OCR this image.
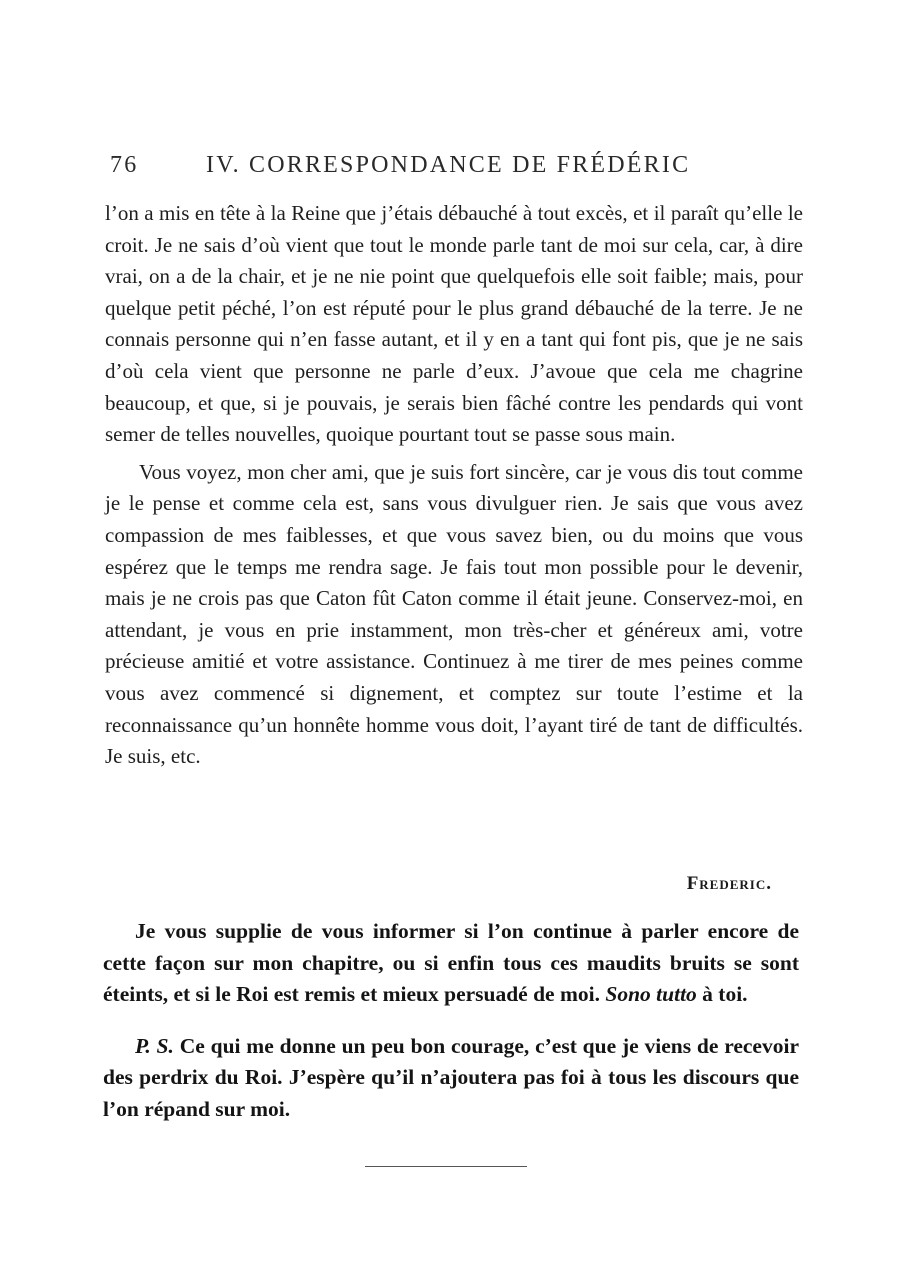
76	IV. CORRESPONDANCE DE FRÉDÉRIC

l’on a mis en tête à la Reine que j’étais débauché à tout excès, et il paraît qu’elle le croit. Je ne sais d’où vient que tout le monde parle tant de moi sur cela, car, à dire vrai, on a de la chair, et je ne nie point que quelquefois elle soit faible; mais, pour quelque petit péché, l’on est réputé pour le plus grand débauché de la terre. Je ne connais personne qui n’en fasse autant, et il y en a tant qui font pis, que je ne sais d’où cela vient que personne ne parle d’eux. J’avoue que cela me chagrine beaucoup, et que, si je pouvais, je serais bien fâché contre les pendards qui vont semer de telles nouvelles, quoique pourtant tout se passe sous main.

Vous voyez, mon cher ami, que je suis fort sincère, car je vous dis tout comme je le pense et comme cela est, sans vous divulguer rien. Je sais que vous avez compassion de mes faiblesses, et que vous savez bien, ou du moins que vous espérez que le temps me rendra sage. Je fais tout mon possible pour le devenir, mais je ne crois pas que Caton fût Caton comme il était jeune. Conservez-moi, en attendant, je vous en prie instamment, mon très-cher et généreux ami, votre précieuse amitié et votre assistance. Continuez à me tirer de mes peines comme vous avez commencé si dignement, et comptez sur toute l’estime et la reconnaissance qu’un honnête homme vous doit, l’ayant tiré de tant de difficultés. Je suis, etc.

Frederic.

Je vous supplie de vous informer si l’on continue à parler encore de cette façon sur mon chapitre, ou si enfin tous ces maudits bruits se sont éteints, et si le Roi est remis et mieux persuadé de moi. Sono tutto à toi.

P. S. Ce qui me donne un peu bon courage, c’est que je viens de recevoir des perdrix du Roi. J’espère qu’il n’ajoutera pas foi à tous les discours que l’on répand sur moi.
